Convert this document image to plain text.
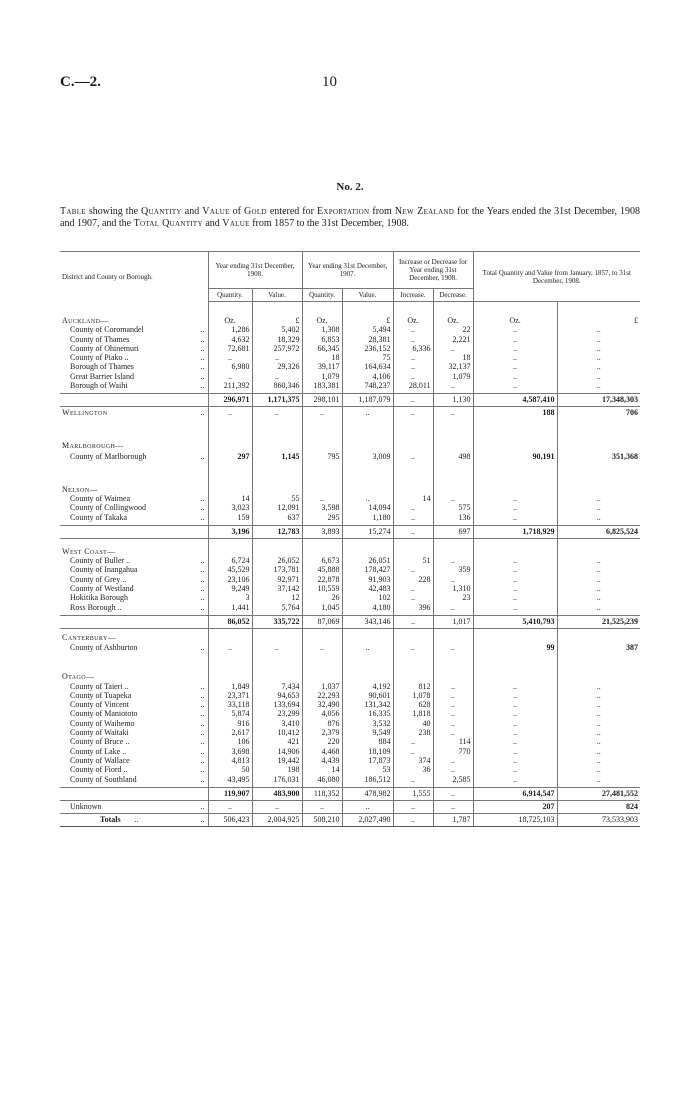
C.—2.	10
No. 2.
Table showing the Quantity and Value of Gold entered for Exportation from New Zealand for the Years ended the 31st December, 1908 and 1907, and the Total Quantity and Value from 1857 to the 31st December, 1908.
District and County or Borough.		Year ending 31st December, 1908.		Year ending 31st December, 1907.		Increase or Decrease for Year ending 31st December, 1908.		Total Quantity and Value from January, 1857, to 31st December, 1908.	
		Quantity.	Value.	Quantity.	Value.	Increase.	Decrease.		

Auckland—		Oz.	£	Oz.	£	Oz.	Oz.	Oz.	£
County of Coromandel	..	1,286	5,402	1,308	5,494	..	22	..	..
County of Thames	..	4,632	18,329	6,853	28,381	..	2,221	..	..
County of Ohinemuri	..	72,681	257,972	66,345	236,152	6,336	..	..	..
County of Piako ..	..	..	..	18	75	..	18	..	..
Borough of Thames	..	6,980	29,326	39,117	164,634	..	32,137	..	..
Great Barrier Island	..	..	..	1,079	4,106	..	1,079	..	..
Borough of Waihi	..	211,392	860,346	183,381	748,237	28,011	..	..	..

		296,971	1,171,375	298,101	1,187,079	..	1,130	4,587,410	17,348,303
Wellington	..	..	..	..	..	..	..	188	706

Marlborough—									
County of Marlborough	..	297	1,145	795	3,009	..	498	90,191	351,368

Nelson—									
County of Waimea	..	14	55	..	..	14	..	..	..
County of Collingwood	..	3,023	12,091	3,598	14,094	..	575	..	..
County of Takaka	..	159	637	295	1,180	..	136	..	..

		3,196	12,783	3,893	15,274	..	697	1,718,929	6,825,524

West Coast—									
County of Buller ..	..	6,724	26,052	6,673	26,051	51	..	..	..
County of Inangahua	..	45,529	173,781	45,888	178,427	..	359	..	..
County of Grey ..	..	23,106	92,971	22,878	91,903	228	..	..	..
County of Westland	..	9,249	37,142	10,559	42,483	..	1,310	..	..
Hokitika Borough	..	3	12	26	102	..	23	..	..
Ross Borough ..	..	1,441	5,764	1,045	4,180	396	..	..	..

		86,052	335,722	87,069	343,146	..	1,017	5,410,793	21,525,239

Canterbury—									
County of Ashburton	..	..	..	..	..	..	..	99	387

Otago—									
County of Taieri ..	..	1,849	7,434	1,037	4,192	812	..	..	..
County of Tuapeka	..	23,371	94,653	22,293	90,601	1,078	..	..	..
County of Vincent	..	33,118	133,694	32,490	131,342	628	..	..	..
County of Maniototo	..	5,874	23,299	4,056	16,335	1,818	..	..	..
County of Waihemo	..	916	3,410	876	3,532	40	..	..	..
County of Waitaki	..	2,617	10,412	2,379	9,549	238	..	..	..
County of Bruce ..	..	106	421	220	884	..	114	..	..
County of Lake ..	..	3,698	14,906	4,468	18,109	..	770	..	..
County of Wallace	..	4,813	19,442	4,439	17,873	374	..	..	..
County of Fiord ..	..	50	198	14	53	36	..	..	..
County of Southland	..	43,495	176,031	46,080	186,512	..	2,585	..	..

		119,907	483,900	118,352	478,982	1,555	..	6,914,547	27,481,552
Unknown	..	..	..	..	..	..	..	207	824
Totals ..	..	506,423	2,004,925	508,210	2,027,490	..	1,787	18,725,103	73,533,903
